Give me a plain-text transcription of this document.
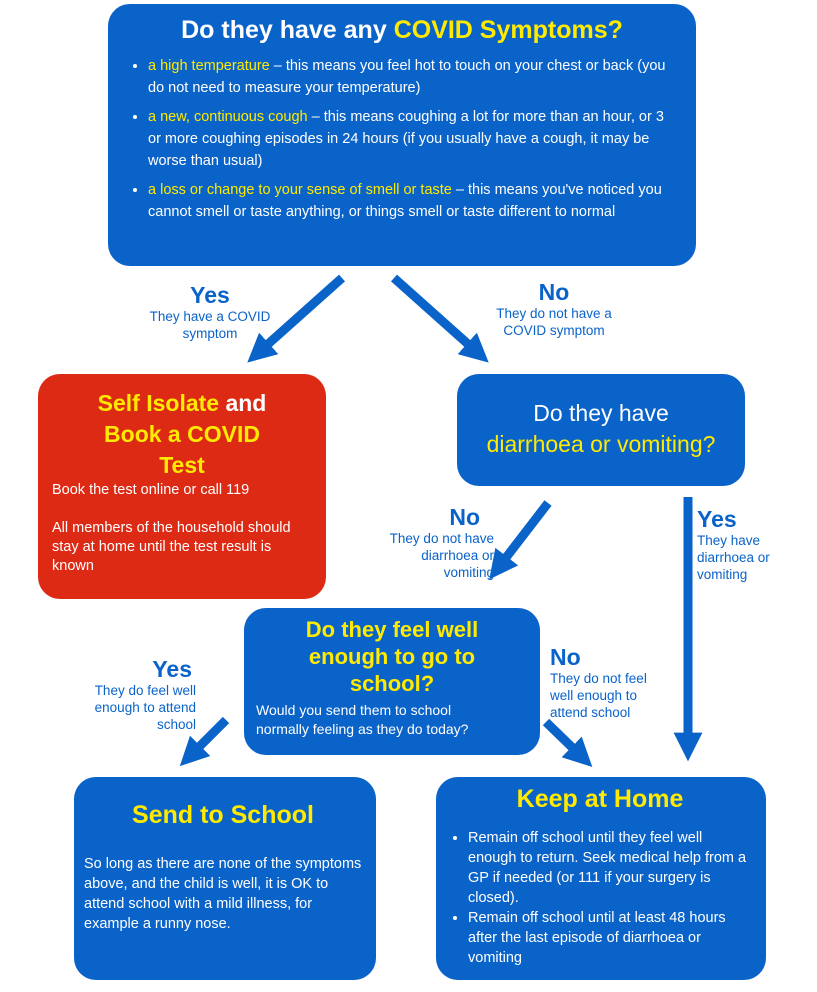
Do they have any COVID Symptoms?
• a high temperature – this means you feel hot to touch on your chest or back (you do not need to measure your temperature)
• a new, continuous cough – this means coughing a lot for more than an hour, or 3 or more coughing episodes in 24 hours (if you usually have a cough, it may be worse than usual)
• a loss or change to your sense of smell or taste – this means you've noticed you cannot smell or taste anything, or things smell or taste different to normal
Yes
They have a COVID symptom
No
They do not have a COVID symptom
Self Isolate and Book a COVID Test
Book the test online or call 119
All members of the household should stay at home until the test result is known
Do they have
diarrhoea or vomiting?
No
They do not have diarrhoea or vomiting
Yes
They have diarrhoea or vomiting
Do they feel well enough to go to school?
Would you send them to school normally feeling as they do today?
Yes
They do feel well enough to attend school
No
They do not feel well enough to attend school
Send to School
So long as there are none of the symptoms above, and the child is well, it is OK to attend school with a mild illness, for example a runny nose.
Keep at Home
• Remain off school until they feel well enough to return. Seek medical help from a GP if needed (or 111 if your surgery is closed).
• Remain off school until at least 48 hours after the last episode of diarrhoea or vomiting
